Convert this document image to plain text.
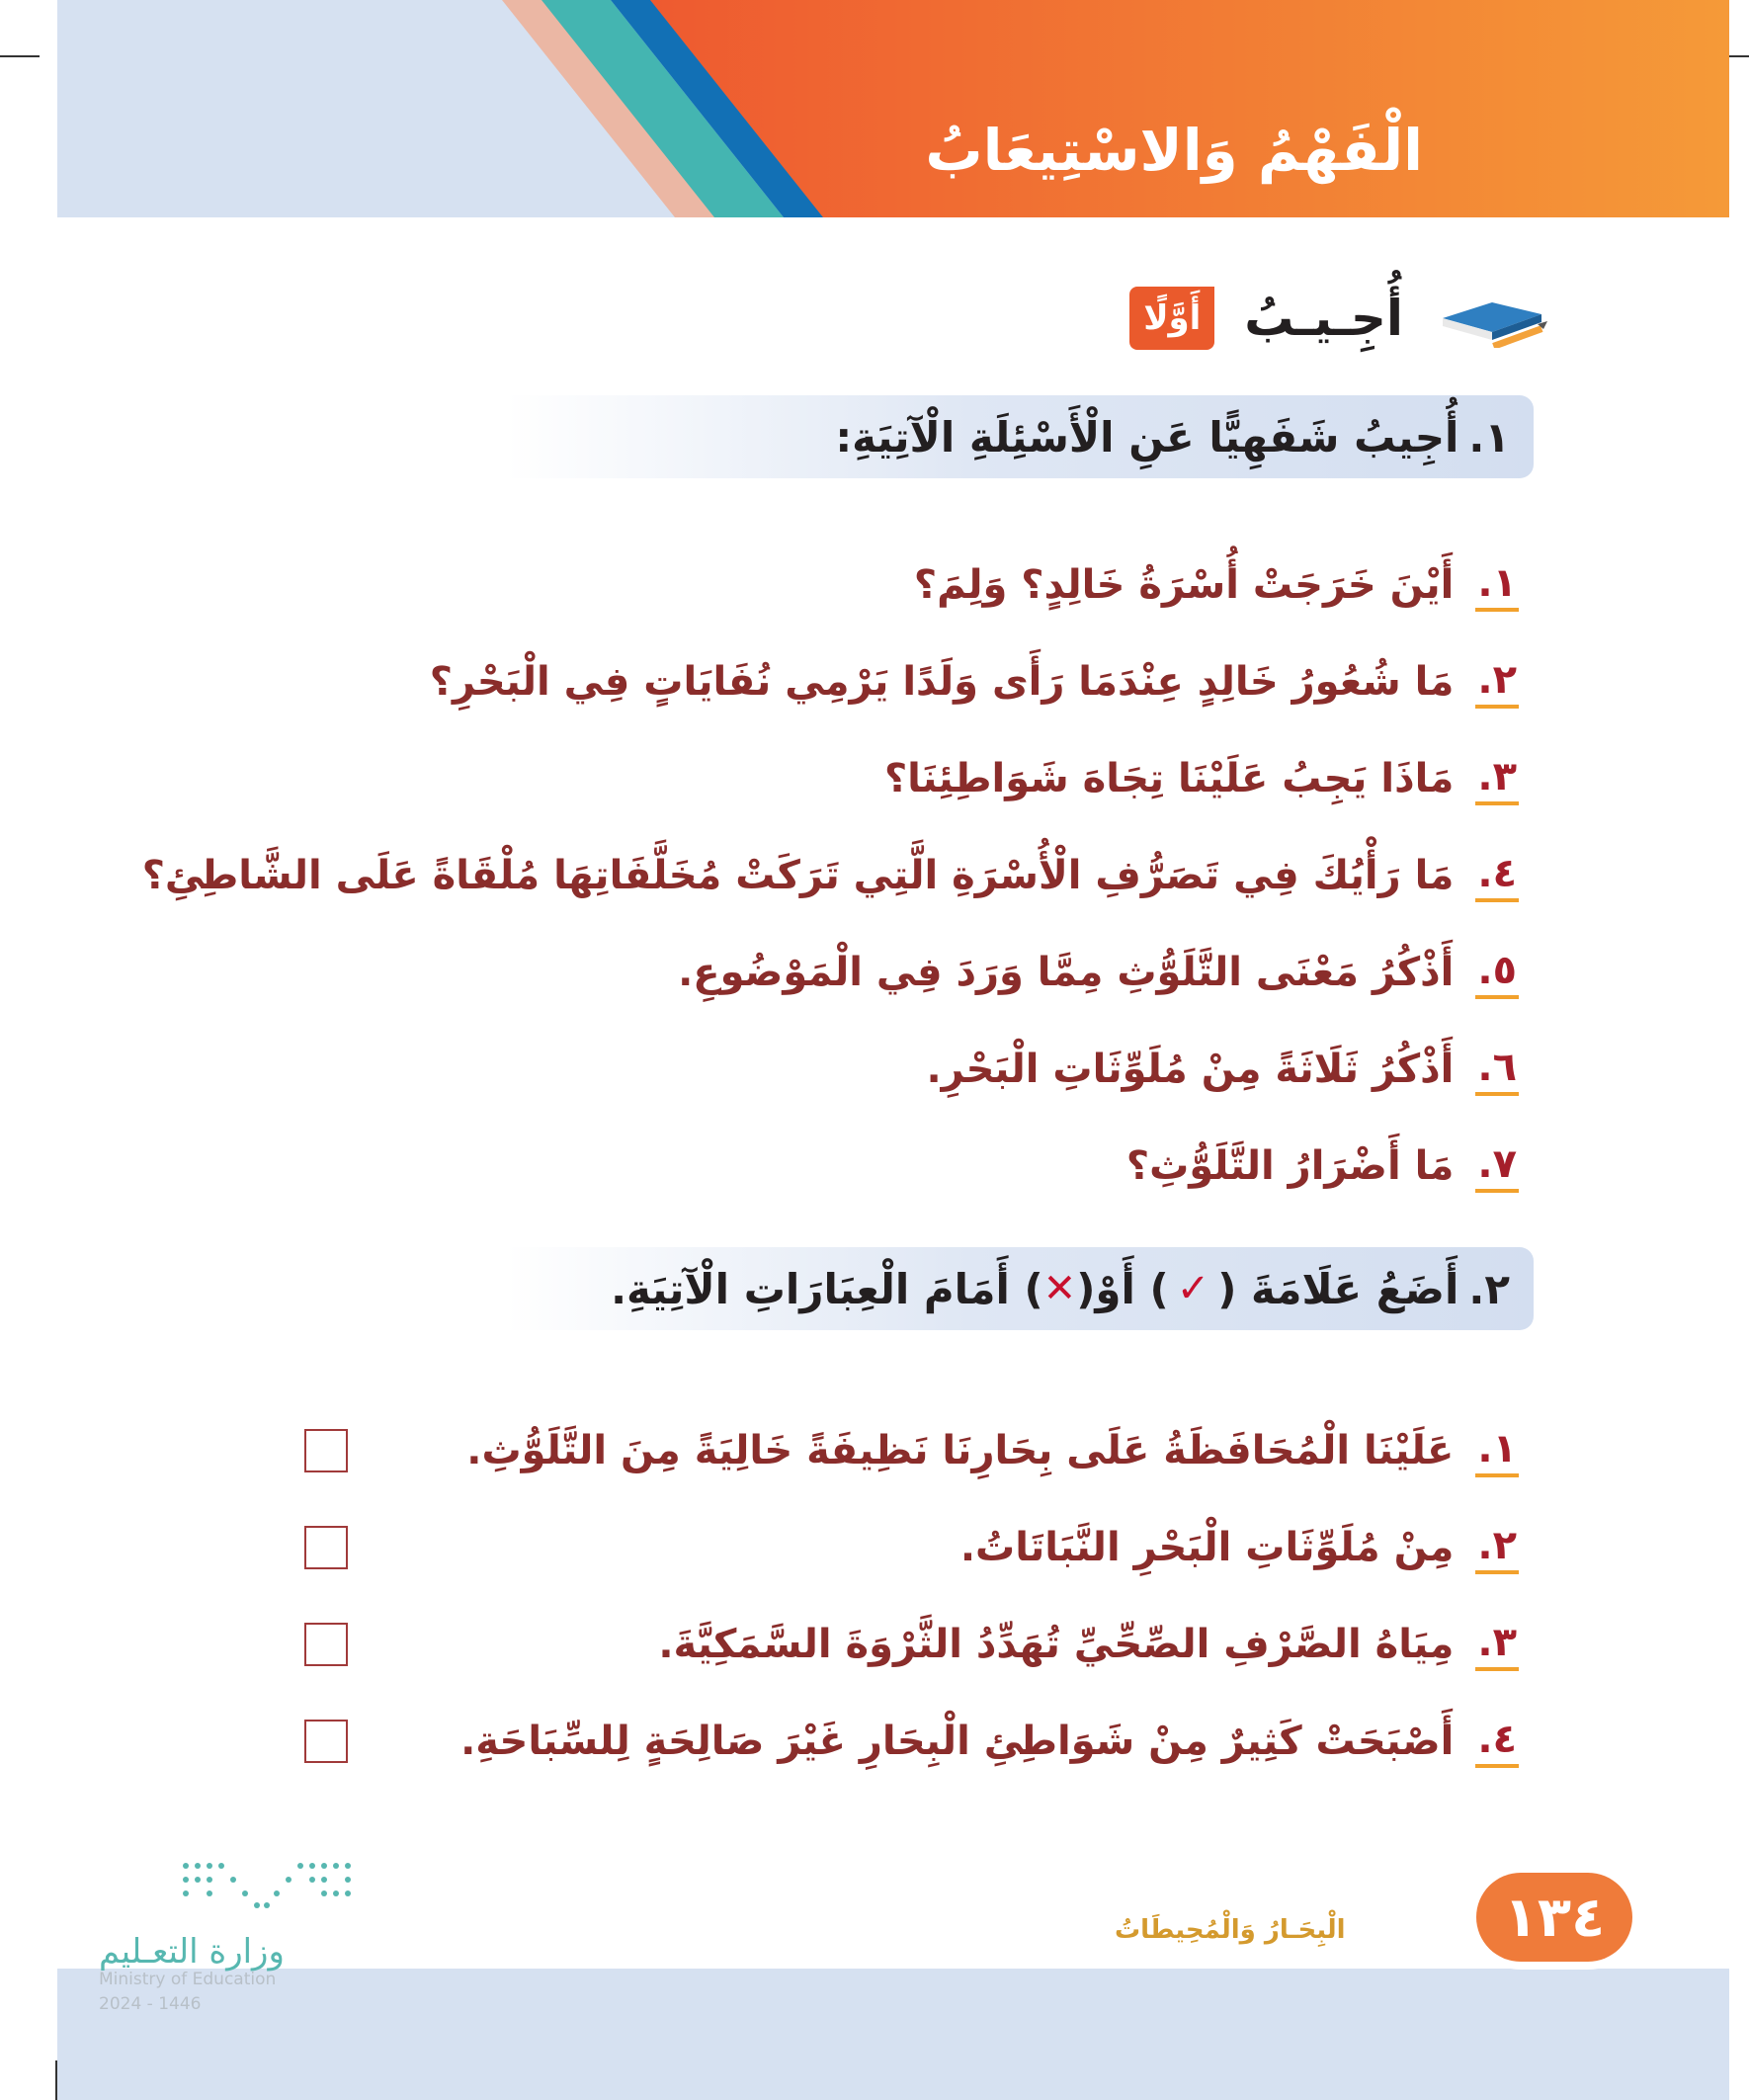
الْفَهْمُ وَالاسْتِيعَابُ
أَوَّلًا أُجِـيـبُ
١.
أُجِيبُ شَفَهِيًّا عَنِ الْأَسْئِلَةِ الْآتِيَةِ:
١.
أَيْنَ خَرَجَتْ أُسْرَةُ خَالِدٍ؟ وَلِمَ؟
٢.
مَا شُعُورُ خَالِدٍ عِنْدَمَا رَأَى وَلَدًا يَرْمِي نُفَايَاتٍ فِي الْبَحْرِ؟
٣.
مَاذَا يَجِبُ عَلَيْنَا تِجَاهَ شَوَاطِئِنَا؟
٤.
مَا رَأْيُكَ فِي تَصَرُّفِ الْأُسْرَةِ الَّتِي تَرَكَتْ مُخَلَّفَاتِهَا مُلْقَاةً عَلَى الشَّاطِئِ؟
٥.
أَذْكُرُ مَعْنَى التَّلَوُّثِ مِمَّا وَرَدَ فِي الْمَوْضُوعِ.
٦.
أَذْكُرُ ثَلَاثَةً مِنْ مُلَوِّثَاتِ الْبَحْرِ.
٧.
مَا أَضْرَارُ التَّلَوُّثِ؟
٢.
أَضَعُ عَلَامَةَ (
✓
) أَوْ(
✕
) أَمَامَ الْعِبَارَاتِ الْآتِيَةِ.
١.
عَلَيْنَا الْمُحَافَظَةُ عَلَى بِحَارِنَا نَظِيفَةً خَالِيَةً مِنَ التَّلَوُّثِ.
٢.
مِنْ مُلَوِّثَاتِ الْبَحْرِ النَّبَاتَاتُ.
٣.
مِيَاهُ الصَّرْفِ الصِّحِّيِّ تُهَدِّدُ الثَّرْوَةَ السَّمَكِيَّةَ.
٤.
أَصْبَحَتْ كَثِيرٌ مِنْ شَوَاطِئِ الْبِحَارِ غَيْرَ صَالِحَةٍ لِلسِّبَاحَةِ.
١٣٤
الْبِحَـارُ وَالْمُحِيطَاتُ
وزارة التعـليم
Ministry of Education
2024 - 1446
